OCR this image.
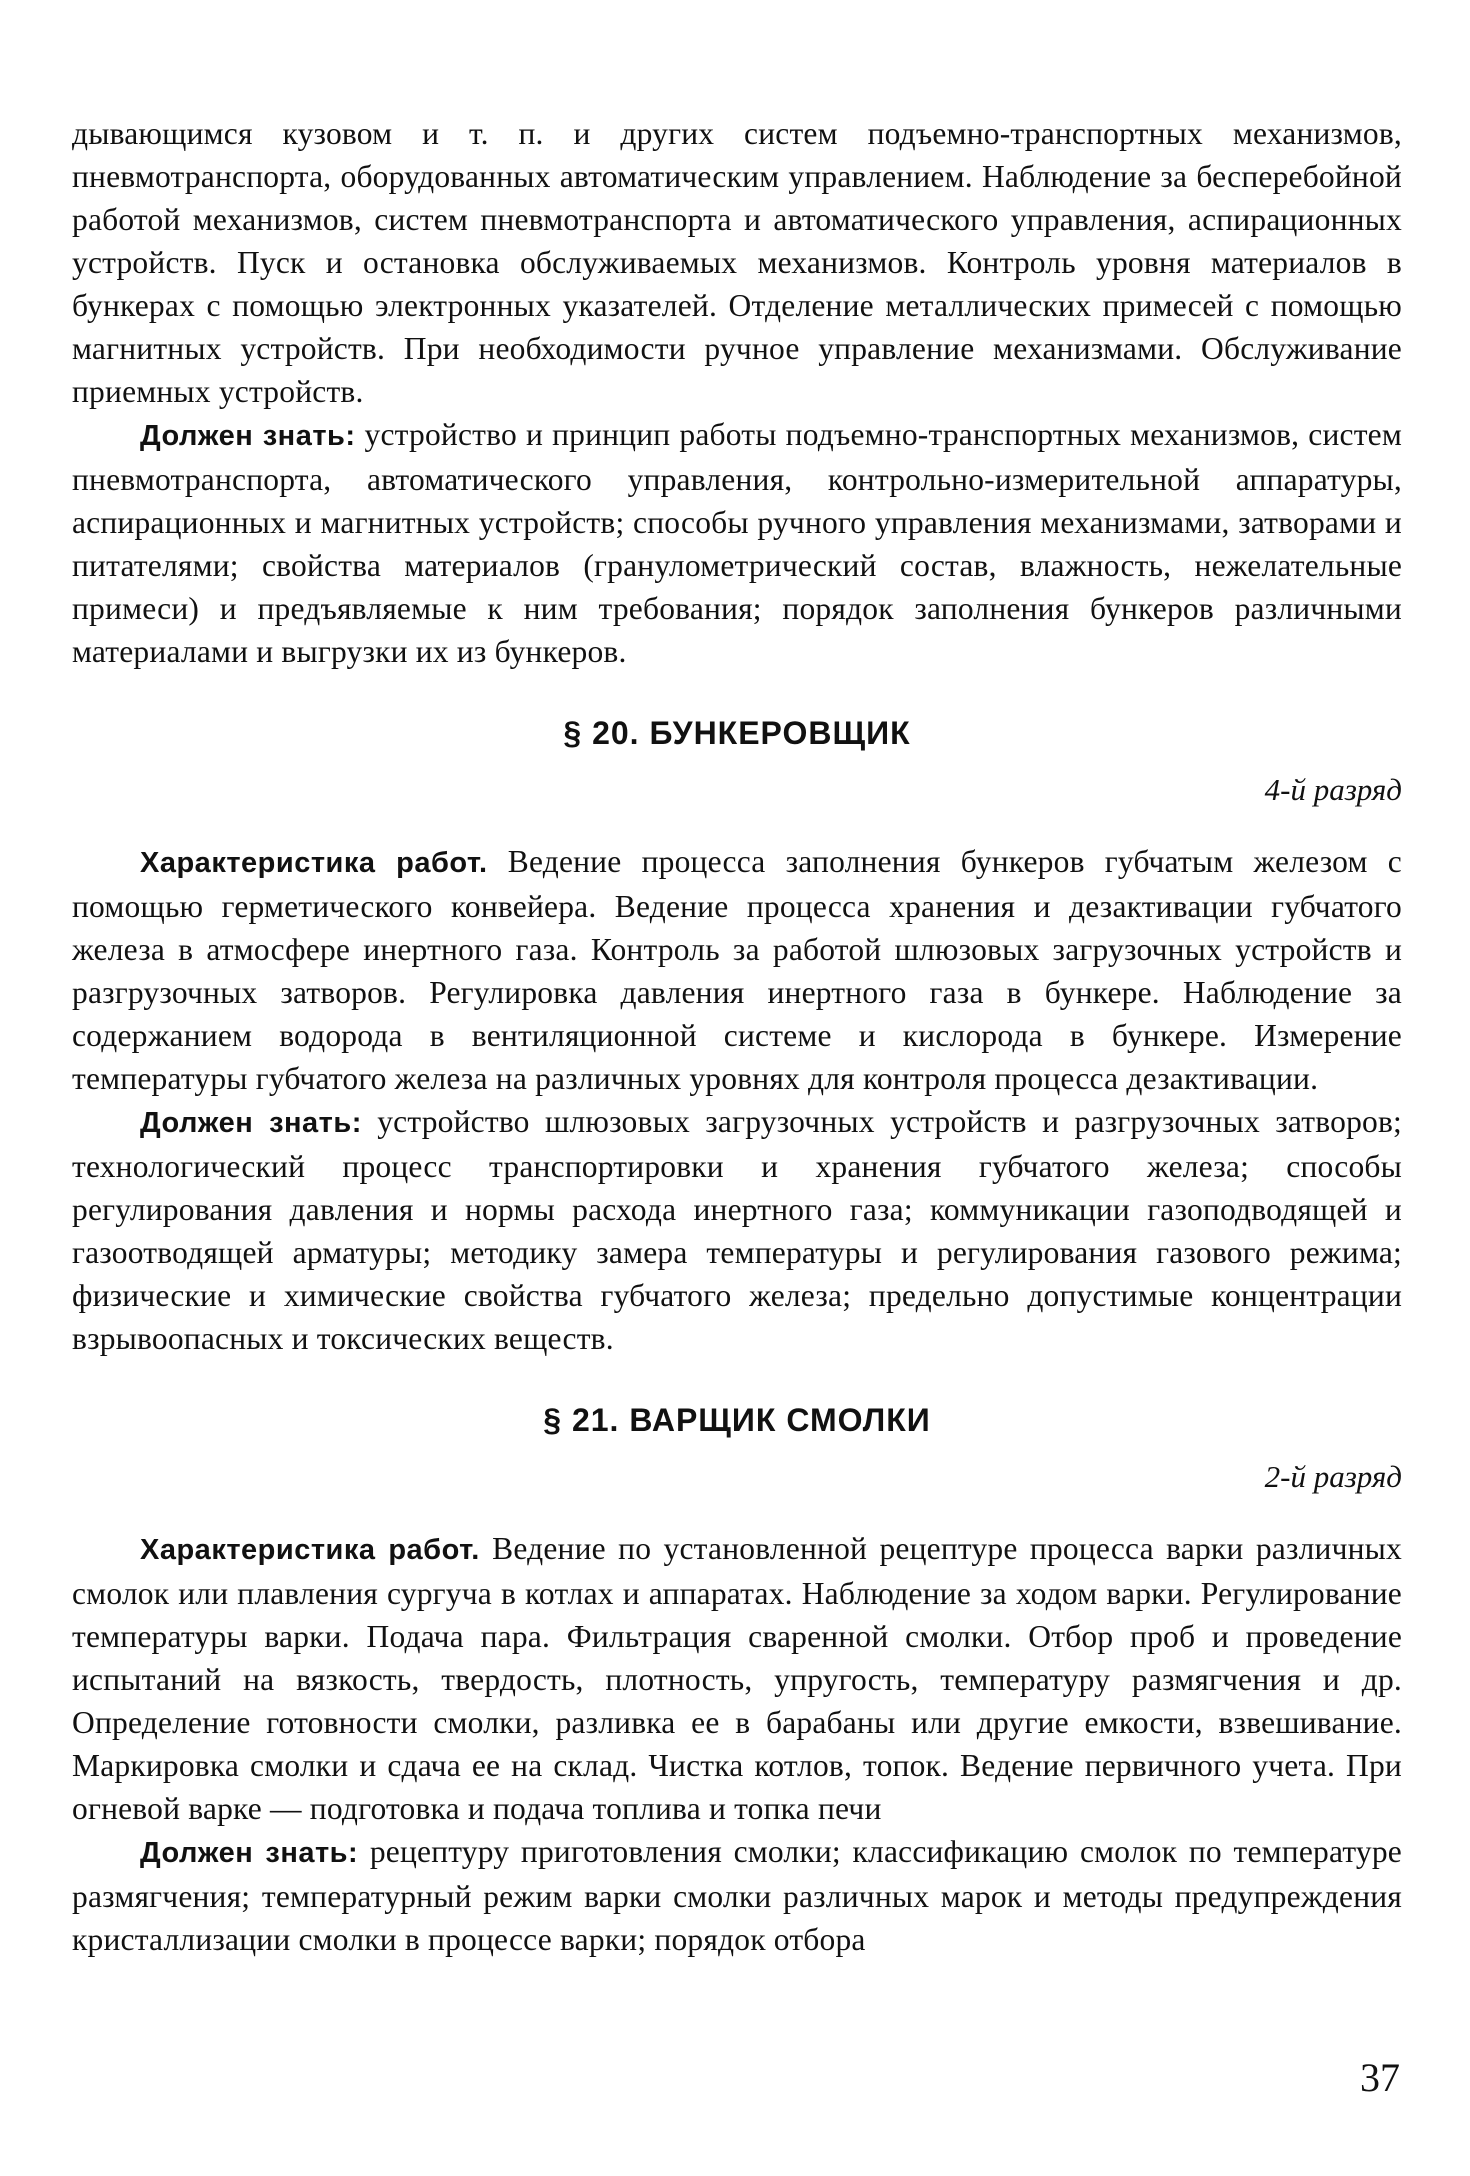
дывающимся кузовом и т. п. и других систем подъемно-транспортных механизмов, пневмотранспорта, оборудованных автоматическим управлением. Наблюдение за бесперебойной работой механизмов, систем пневмотранспорта и автоматического управления, аспирационных устройств. Пуск и остановка обслуживаемых механизмов. Контроль уровня материалов в бункерах с помощью электронных указателей. Отделение металлических примесей с помощью магнитных устройств. При необходимости ручное управление механизмами. Обслуживание приемных устройств.

Должен знать: устройство и принцип работы подъемно-транспортных механизмов, систем пневмотранспорта, автоматического управления, контрольно-измерительной аппаратуры, аспирационных и магнитных устройств; способы ручного управления механизмами, затворами и питателями; свойства материалов (гранулометрический состав, влажность, нежелательные примеси) и предъявляемые к ним требования; порядок заполнения бункеров различными материалами и выгрузки их из бункеров.

§ 20. БУНКЕРОВЩИК

4-й разряд

Характеристика работ. Ведение процесса заполнения бункеров губчатым железом с помощью герметического конвейера. Ведение процесса хранения и дезактивации губчатого железа в атмосфере инертного газа. Контроль за работой шлюзовых загрузочных устройств и разгрузочных затворов. Регулировка давления инертного газа в бункере. Наблюдение за содержанием водорода в вентиляционной системе и кислорода в бункере. Измерение температуры губчатого железа на различных уровнях для контроля процесса дезактивации.

Должен знать: устройство шлюзовых загрузочных устройств и разгрузочных затворов; технологический процесс транспортировки и хранения губчатого железа; способы регулирования давления и нормы расхода инертного газа; коммуникации газоподводящей и газоотводящей арматуры; методику замера температуры и регулирования газового режима; физические и химические свойства губчатого железа; предельно допустимые концентрации взрывоопасных и токсических веществ.

§ 21. ВАРЩИК СМОЛКИ

2-й разряд

Характеристика работ. Ведение по установленной рецептуре процесса варки различных смолок или плавления сургуча в котлах и аппаратах. Наблюдение за ходом варки. Регулирование температуры варки. Подача пара. Фильтрация сваренной смолки. Отбор проб и проведение испытаний на вязкость, твердость, плотность, упругость, температуру размягчения и др. Определение готовности смолки, разливка ее в барабаны или другие емкости, взвешивание. Маркировка смолки и сдача ее на склад. Чистка котлов, топок. Ведение первичного учета. При огневой варке — подготовка и подача топлива и топка печи

Должен знать: рецептуру приготовления смолки; классификацию смолок по температуре размягчения; температурный режим варки смолки различных марок и методы предупреждения кристаллизации смолки в процессе варки; порядок отбора

37
